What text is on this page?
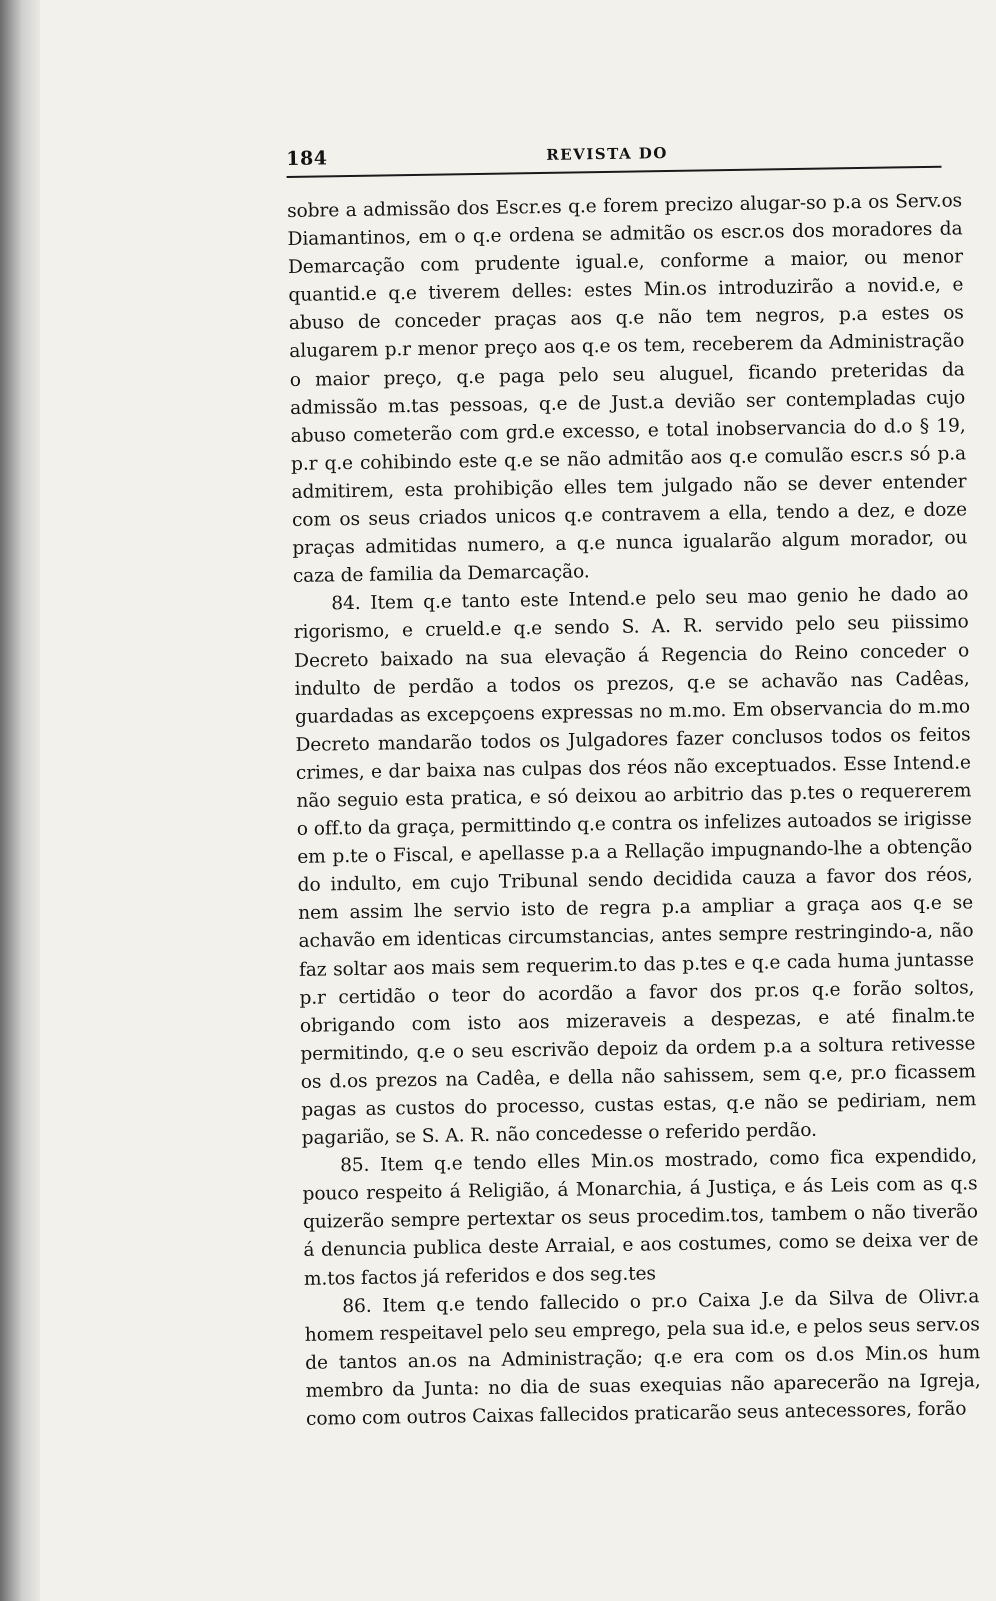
184	REVISTA DO

sobre a admissão dos Escr.es q.e forem precizo alugar-so p.a os Serv.os Diamantinos, em o q.e ordena se admitão os escr.os dos moradores da Demarcação com prudente igual.e, conforme a maior, ou menor quantid.e q.e tiverem delles: estes Min.os introduzirão a novid.e, e abuso de conceder praças aos q.e não tem negros, p.a estes os alugarem p.r menor preço aos q.e os tem, receberem da Administração o maior preço, q.e paga pelo seu aluguel, ficando preteridas da admissão m.tas pessoas, q.e de Just.a devião ser contempladas cujo abuso cometerão com grd.e excesso, e total inobservancia do d.o § 19, p.r q.e cohibindo este q.e se não admitão aos q.e comulão escr.s só p.a admitirem, esta prohibição elles tem julgado não se dever entender com os seus criados unicos q.e contravem a ella, tendo a dez, e doze praças admitidas numero, a q.e nunca igualarão algum morador, ou caza de familia da Demarcação.

84. Item q.e tanto este Intend.e pelo seu mao genio he dado ao rigorismo, e crueld.e q.e sendo S. A. R. servido pelo seu piissimo Decreto baixado na sua elevação á Regencia do Reino conceder o indulto de perdão a todos os prezos, q.e se achavão nas Cadêas, guardadas as excepçoens expressas no m.mo. Em observancia do m.mo Decreto mandarão todos os Julgadores fazer conclusos todos os feitos crimes, e dar baixa nas culpas dos réos não exceptuados. Esse Intend.e não seguio esta pratica, e só deixou ao arbitrio das p.tes o requererem o off.to da graça, permittindo q.e contra os infelizes autoados se irigisse em p.te o Fiscal, e apellasse p.a a Rellação impugnando-lhe a obtenção do indulto, em cujo Tribunal sendo decidida cauza a favor dos réos, nem assim lhe servio isto de regra p.a ampliar a graça aos q.e se achavão em identicas circumstancias, antes sempre restringindo-a, não faz soltar aos mais sem requerim.to das p.tes e q.e cada huma juntasse p.r certidão o teor do acordão a favor dos pr.os q.e forão soltos, obrigando com isto aos mizeraveis a despezas, e até finalm.te permitindo, q.e o seu escrivão depoiz da ordem p.a a soltura retivesse os d.os prezos na Cadêa, e della não sahissem, sem q.e, pr.o ficassem pagas as custos do processo, custas estas, q.e não se pediriam, nem pagarião, se S. A. R. não concedesse o referido perdão.

85. Item q.e tendo elles Min.os mostrado, como fica expendido, pouco respeito á Religião, á Monarchia, á Justiça, e ás Leis com as q.s quizerão sempre pertextar os seus procedim.tos, tambem o não tiverão á denuncia publica deste Arraial, e aos costumes, como se deixa ver de m.tos factos já referidos e dos seg.tes

86. Item q.e tendo fallecido o pr.o Caixa J.e da Silva de Olivr.a homem respeitavel pelo seu emprego, pela sua id.e, e pelos seus serv.os de tantos an.os na Administração; q.e era com os d.os Min.os hum membro da Junta: no dia de suas exequias não aparecerão na Igreja, como com outros Caixas fallecidos praticarão seus antecessores, forão
